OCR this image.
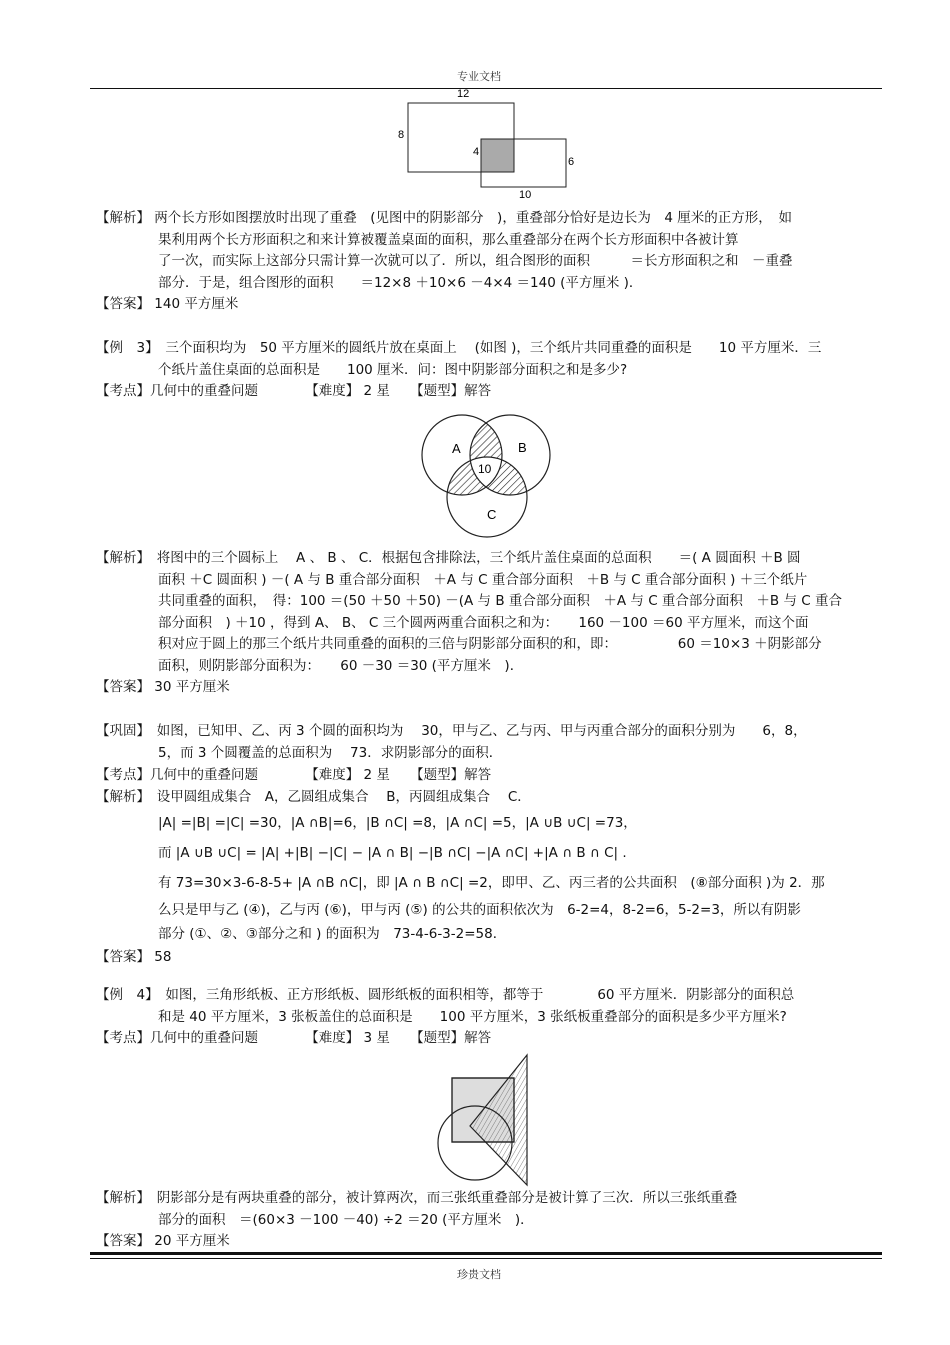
专业文档
12
8
4
6
10
【解析】 两个长方形如图摆放时出现了重叠　(见图中的阴影部分　)，重叠部分恰好是边长为　4 厘米的正方形，　如
果利用两个长方形面积之和来计算被覆盖桌面的面积，那么重叠部分在两个长方形面积中各被计算
了一次，而实际上这部分只需计算一次就可以了．所以，组合图形的面积　　　＝长方形面积之和　－重叠
部分．于是，组合图形的面积　　＝12×8 ＋10×6 －4×4 ＝140 (平方厘米 )．
【答案】 140 平方厘米
【例　3】　三个面积均为　50 平方厘米的圆纸片放在桌面上　 (如图 )，三个纸片共同重叠的面积是　　10 平方厘米．三
个纸片盖住桌面的总面积是　　100 厘米．问：图中阴影部分面积之和是多少?
【考点】几何中的重叠问题　　　　【难度】 2 星　　【题型】解答
A	B
10
C
【解析】　将图中的三个圆标上　 A 、 B 、 C．根据包含排除法，三个纸片盖住桌面的总面积　　＝( A 圆面积 ＋B 圆
面积 ＋C 圆面积 ) －( A 与 B 重合部分面积　＋A 与 C 重合部分面积　＋B 与 C 重合部分面积 ) ＋三个纸片
共同重叠的面积，　得：100 ＝(50 ＋50 ＋50) －(A 与 B 重合部分面积　＋A 与 C 重合部分面积　＋B 与 C 重合
部分面积　) ＋10 ，得到 A、 B、 C 三个圆两两重合面积之和为：　　160 －100 ＝60 平方厘米，而这个面
积对应于圆上的那三个纸片共同重叠的面积的三倍与阴影部分面积的和，即：　　　　　60 ＝10×3 ＋阴影部分
面积，则阴影部分面积为：　　60 －30 ＝30 (平方厘米　)．
【答案】 30 平方厘米
【巩固】　如图，已知甲、乙、丙 3 个圆的面积均为　 30，甲与乙、乙与丙、甲与丙重合部分的面积分别为　　6，8，
5，而 3 个圆覆盖的总面积为　 73．求阴影部分的面积．
【考点】几何中的重叠问题　　　　【难度】 2 星　　【题型】解答
【解析】　设甲圆组成集合　A，乙圆组成集合　 B，丙圆组成集合　 C．
|A| =|B| =|C| =30，|A ∩B|=6，|B ∩C| =8，|A ∩C| =5，|A ∪B ∪C| =73，
而 |A ∪B ∪C| = |A| +|B| −|C| − |A ∩ B| −|B ∩C| −|A ∩C| +|A ∩ B ∩ C| .
有 73=30×3-6-8-5+ |A ∩B ∩C|，即 |A ∩ B ∩C| =2，即甲、乙、丙三者的公共面积　(⑧部分面积 )为 2．那
么只是甲与乙 (④)，乙与丙 (⑥)，甲与丙 (⑤) 的公共的面积依次为　6-2=4，8-2=6，5-2=3，所以有阴影
部分 (①、②、③部分之和 ) 的面积为　73-4-6-3-2=58．
【答案】 58
【例　4】　如图，三角形纸板、正方形纸板、圆形纸板的面积相等，都等于　　　　60 平方厘米．阴影部分的面积总
和是 40 平方厘米，3 张板盖住的总面积是　　100 平方厘米，3 张纸板重叠部分的面积是多少平方厘米?
【考点】几何中的重叠问题　　　　【难度】 3 星　　【题型】解答
【解析】　阴影部分是有两块重叠的部分，被计算两次，而三张纸重叠部分是被计算了三次．所以三张纸重叠
部分的面积　＝(60×3 －100 －40) ÷2 ＝20 (平方厘米　)．
【答案】 20 平方厘米
珍贵文档
